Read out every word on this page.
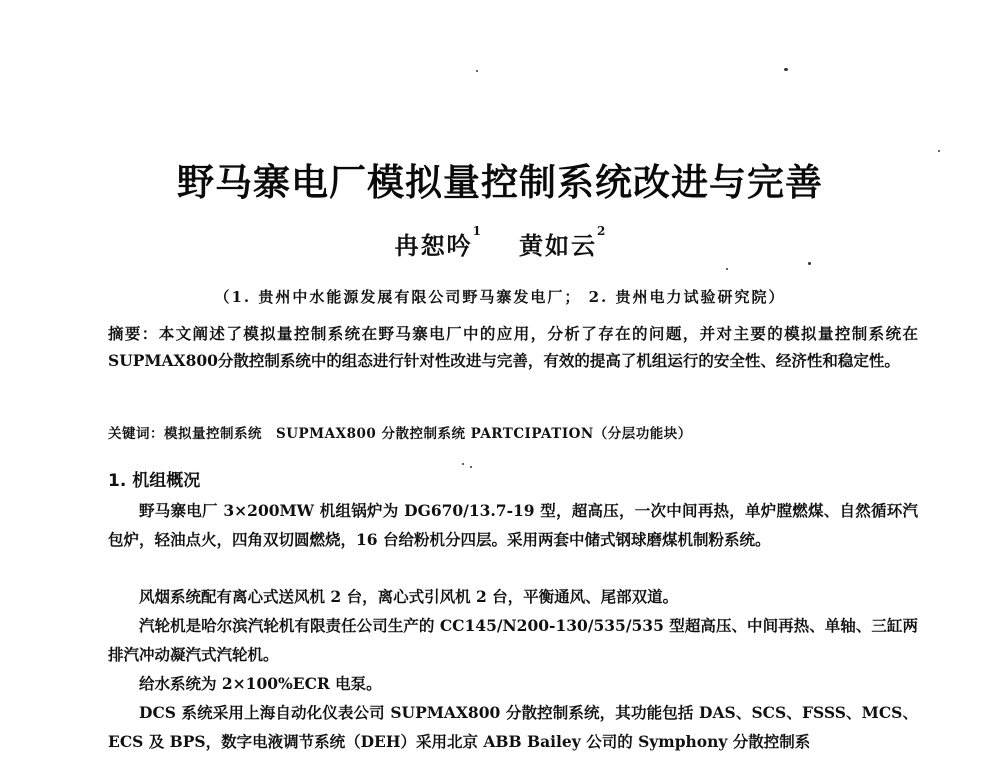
野马寨电厂模拟量控制系统改进与完善
冉恕吟$^1$ 黄如云$^2$
（1. 贵州中水能源发展有限公司野马寨发电厂； 2. 贵州电力试验研究院）
摘要：本文阐述了模拟量控制系统在野马寨电厂中的应用，分析了存在的问题，并对主要的模拟量控制系统在SUPMAX800分散控制系统中的组态进行针对性改进与完善，有效的提高了机组运行的安全性、经济性和稳定性。
关键词：模拟量控制系统　SUPMAX800 分散控制系统 PARTCIPATION（分层功能块）
1. 机组概况
野马寨电厂 3×200MW 机组锅炉为 DG670/13.7-19 型，超高压，一次中间再热，单炉膛燃煤、自然循环汽包炉，轻油点火，四角双切圆燃烧，16 台给粉机分四层。采用两套中储式钢球磨煤机制粉系统。
风烟系统配有离心式送风机 2 台，离心式引风机 2 台，平衡通风、尾部双道。
汽轮机是哈尔滨汽轮机有限责任公司生产的 CC145/N200-130/535/535 型超高压、中间再热、单轴、三缸两排汽冲动凝汽式汽轮机。
给水系统为 2×100%ECR 电泵。
DCS 系统采用上海自动化仪表公司 SUPMAX800 分散控制系统，其功能包括 DAS、SCS、FSSS、MCS、ECS 及 BPS，数字电液调节系统（DEH）采用北京 ABB Bailey 公司的 Symphony 分散控制系
